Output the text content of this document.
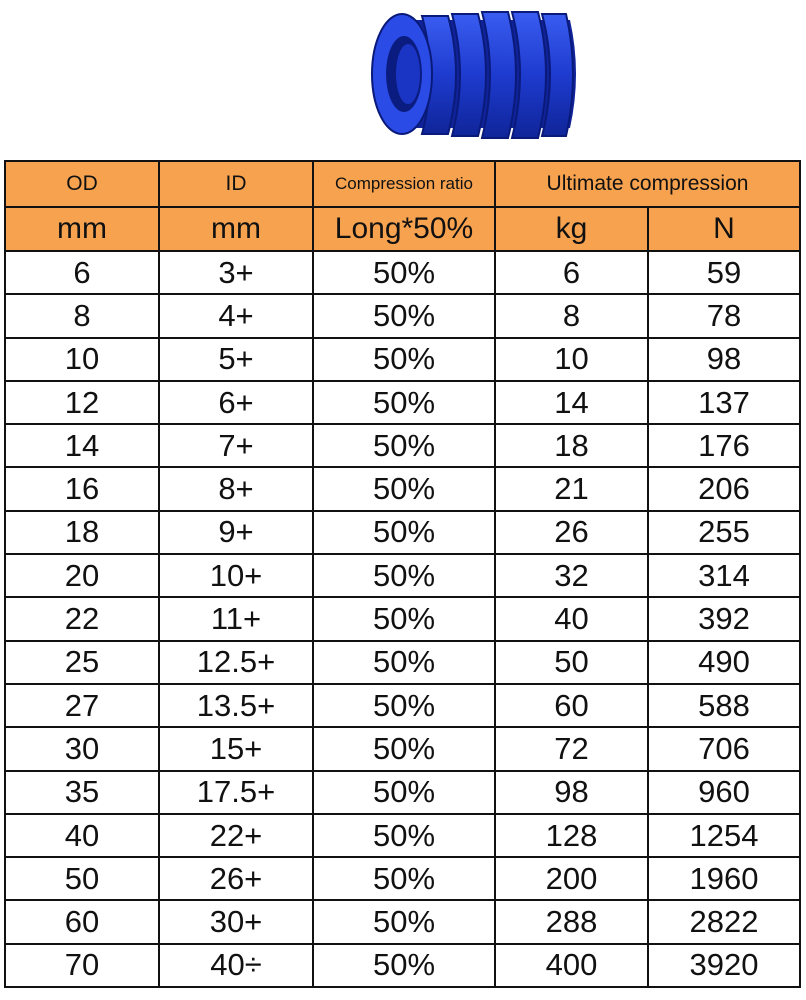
OD	ID	Compression ratio	Ultimate compression	
mm	mm	Long*50%	kg	N
6	3+	50%	6	59
8	4+	50%	8	78
10	5+	50%	10	98
12	6+	50%	14	137
14	7+	50%	18	176
16	8+	50%	21	206
18	9+	50%	26	255
20	10+	50%	32	314
22	11+	50%	40	392
25	12.5+	50%	50	490
27	13.5+	50%	60	588
30	15+	50%	72	706
35	17.5+	50%	98	960
40	22+	50%	128	1254
50	26+	50%	200	1960
60	30+	50%	288	2822
70	40÷	50%	400	3920
